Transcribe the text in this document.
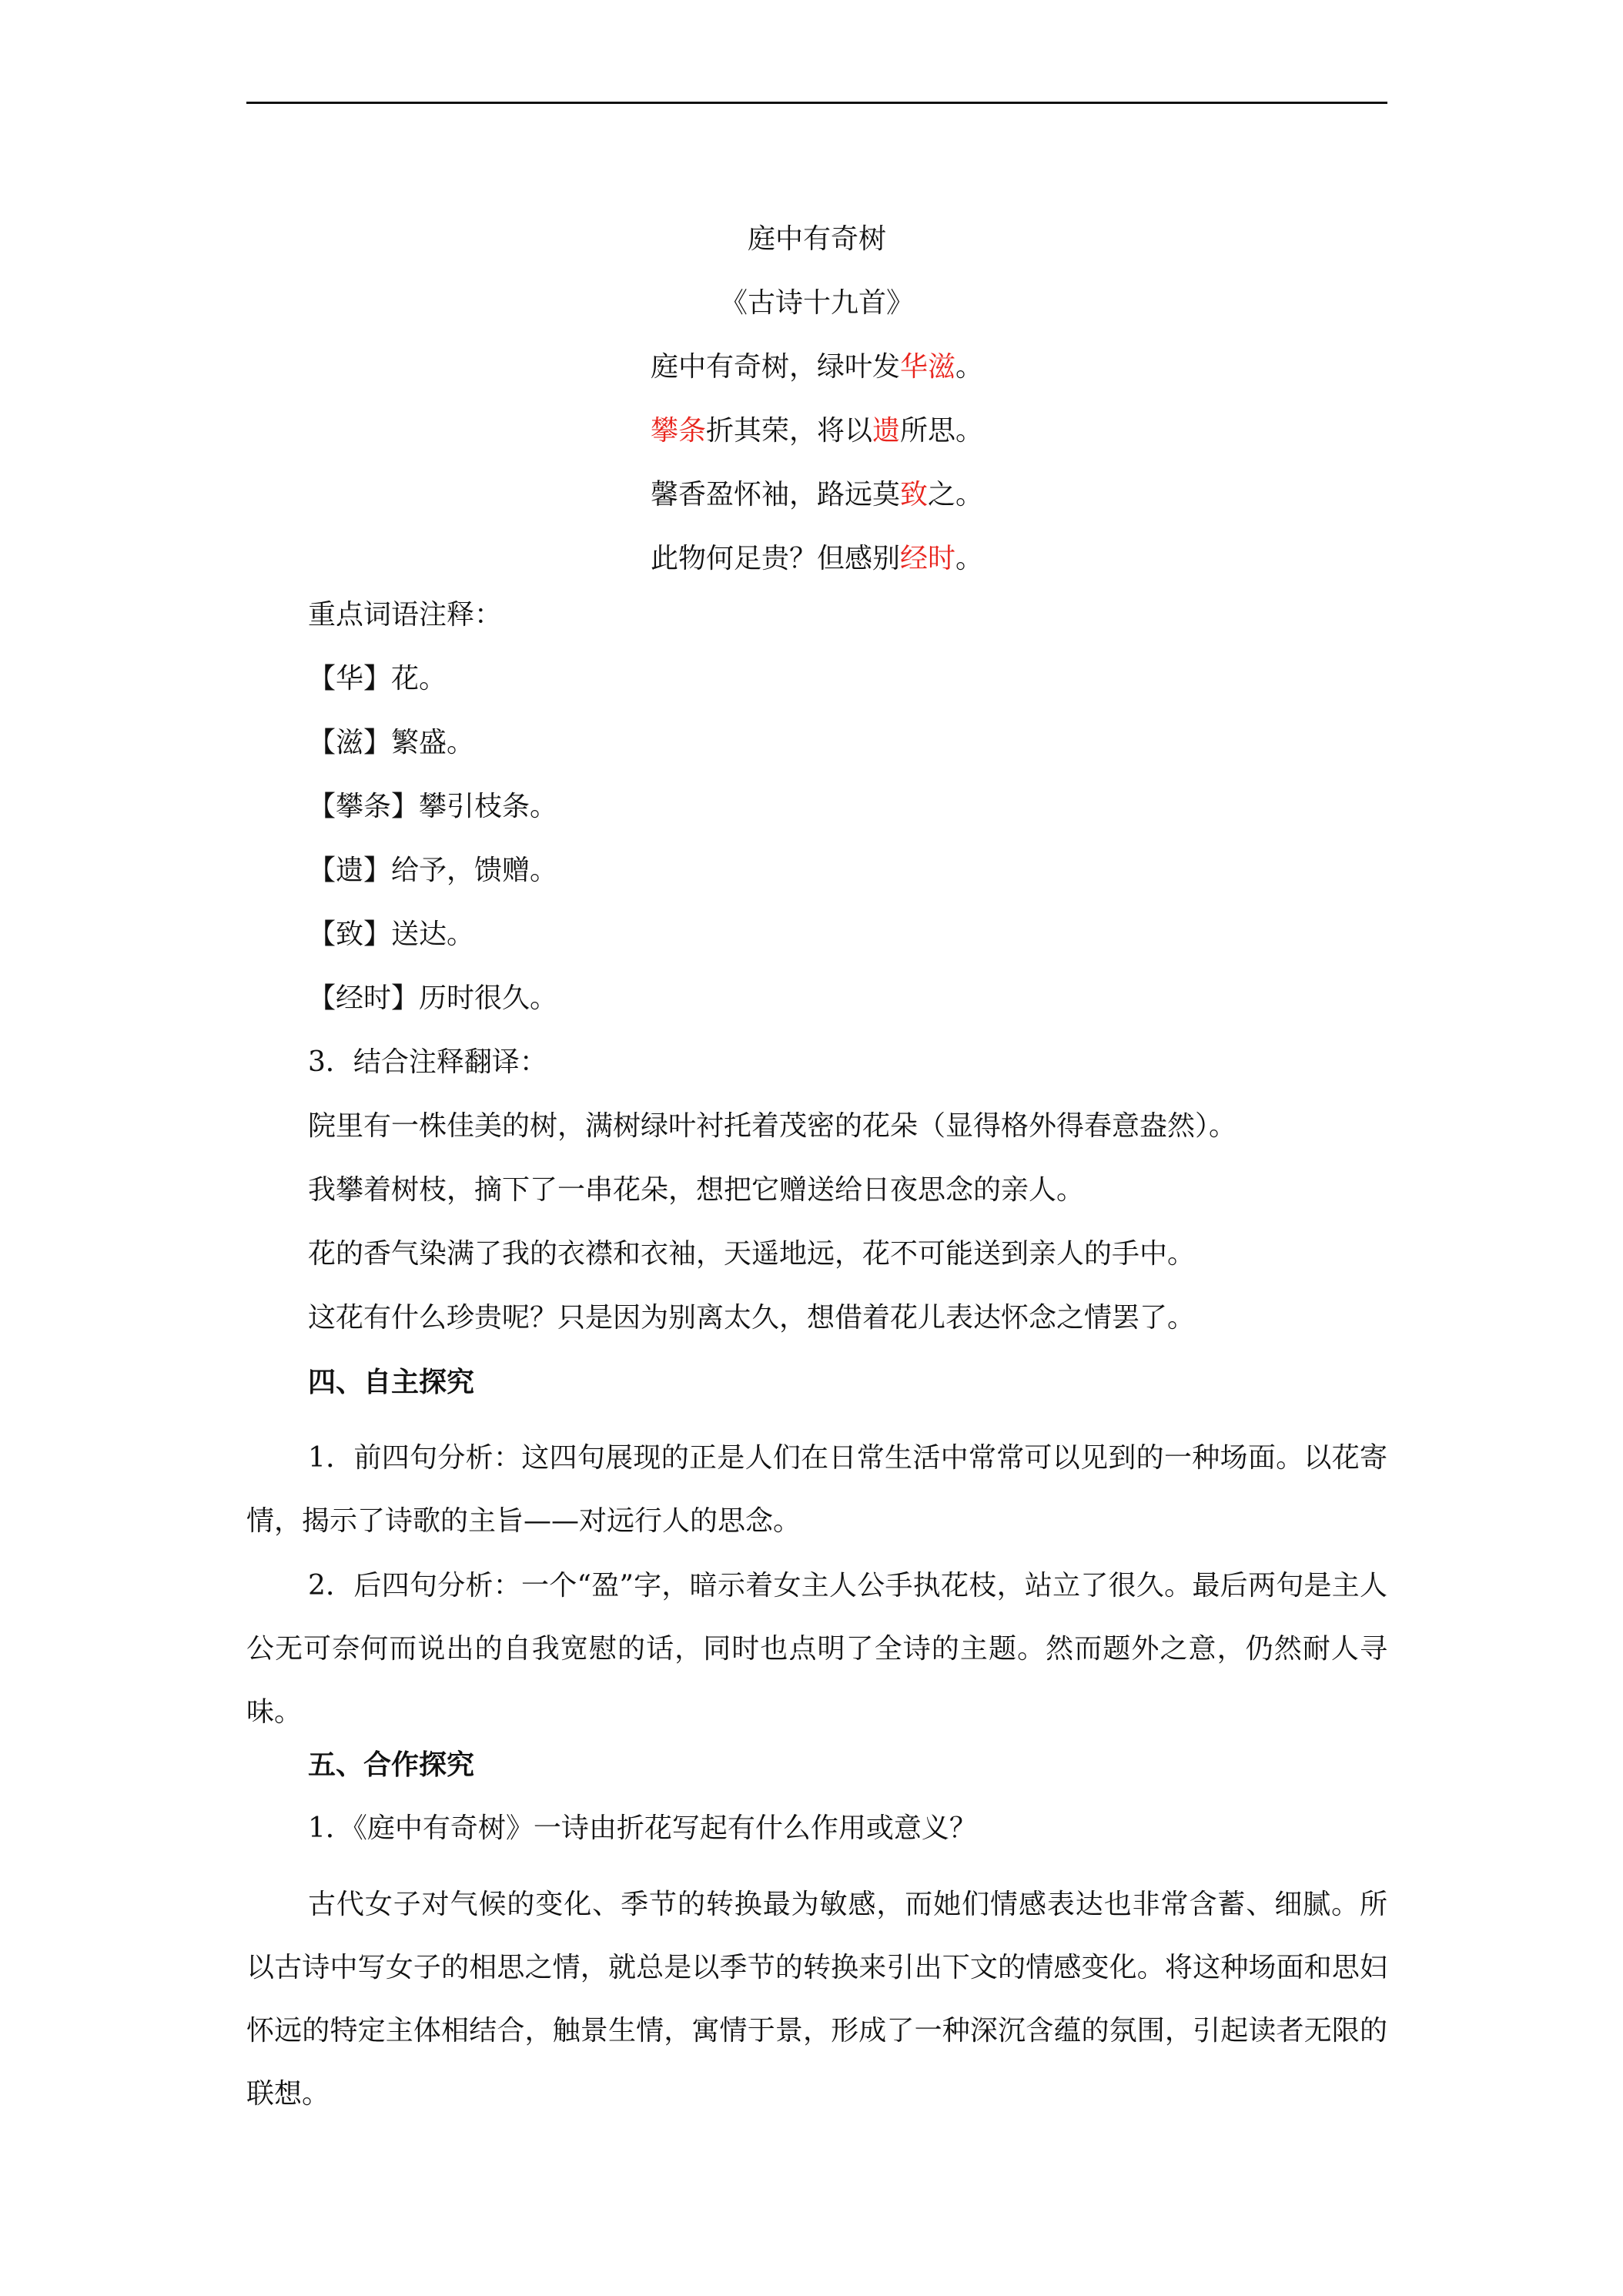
庭中有奇树
《古诗十九首》
庭中有奇树，绿叶发华滋。
攀条折其荣，将以遗所思。
馨香盈怀袖，路远莫致之。
此物何足贵？但感别经时。
重点词语注释：
【华】花。
【滋】繁盛。
【攀条】攀引枝条。
【遗】给予，馈赠。
【致】送达。
【经时】历时很久。
3．结合注释翻译：
院里有一株佳美的树，满树绿叶衬托着茂密的花朵（显得格外得春意盎然）。
我攀着树枝，摘下了一串花朵，想把它赠送给日夜思念的亲人。
花的香气染满了我的衣襟和衣袖，天遥地远，花不可能送到亲人的手中。
这花有什么珍贵呢？只是因为别离太久，想借着花儿表达怀念之情罢了。
四、自主探究

1．前四句分析：这四句展现的正是人们在日常生活中常常可以见到的一种场面。以花寄情，揭示了诗歌的主旨——对远行人的思念。

2．后四句分析：一个“盈”字，暗示着女主人公手执花枝，站立了很久。最后两句是主人公无可奈何而说出的自我宽慰的话，同时也点明了全诗的主题。然而题外之意，仍然耐人寻味。

五、合作探究
1．《庭中有奇树》一诗由折花写起有什么作用或意义？

古代女子对气候的变化、季节的转换最为敏感，而她们情感表达也非常含蓄、细腻。所以古诗中写女子的相思之情，就总是以季节的转换来引出下文的情感变化。将这种场面和思妇怀远的特定主体相结合，触景生情，寓情于景，形成了一种深沉含蕴的氛围，引起读者无限的联想。
